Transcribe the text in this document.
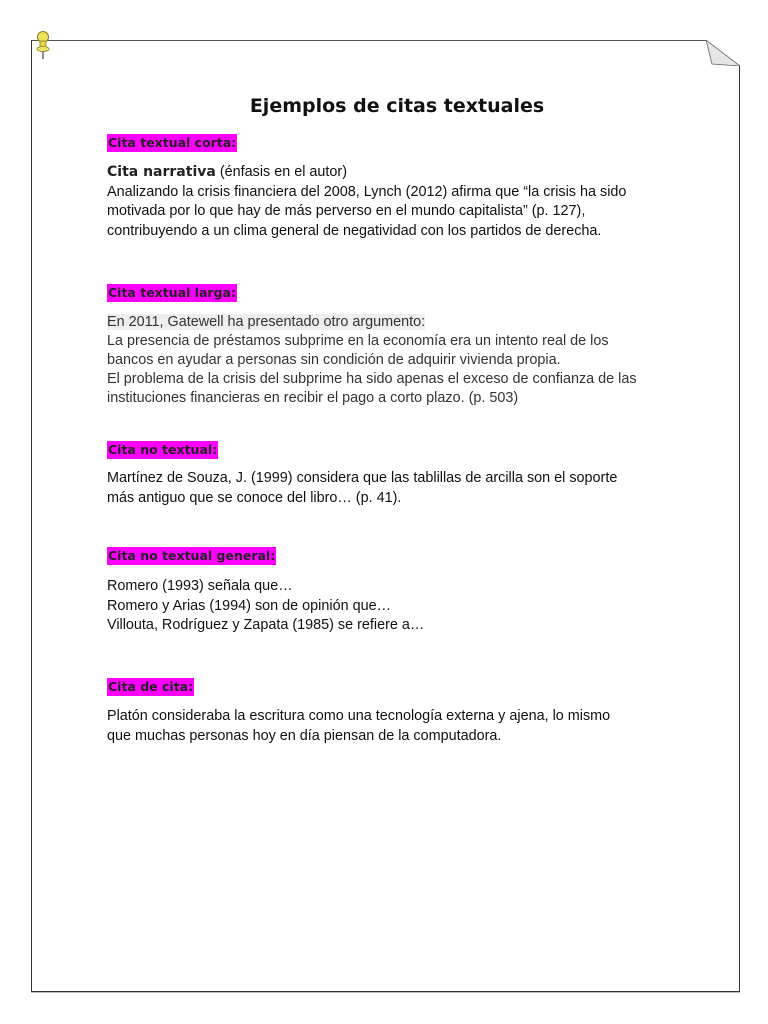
Ejemplos de citas textuales
Cita textual corta:

Cita narrativa (énfasis en el autor)

Analizando la crisis financiera del 2008, Lynch (2012) afirma que “la crisis ha sido

motivada por lo que hay de más perverso en el mundo capitalista” (p. 127),

contribuyendo a un clima general de negatividad con los partidos de derecha.

Cita textual larga:

En 2011, Gatewell ha presentado otro argumento:

La presencia de préstamos subprime en la economía era un intento real de los

bancos en ayudar a personas sin condición de adquirir vivienda propia.

El problema de la crisis del subprime ha sido apenas el exceso de confianza de las

instituciones financieras en recibir el pago a corto plazo. (p. 503)

Cita no textual:

Martínez de Souza, J. (1999) considera que las tablillas de arcilla son el soporte

más antiguo que se conoce del libro… (p. 41).

Cita no textual general:

Romero (1993) señala que…

Romero y Arias (1994) son de opinión que…

Villouta, Rodríguez y Zapata (1985) se refiere a…

Cita de cita:

Platón consideraba la escritura como una tecnología externa y ajena, lo mismo

que muchas personas hoy en día piensan de la computadora.
